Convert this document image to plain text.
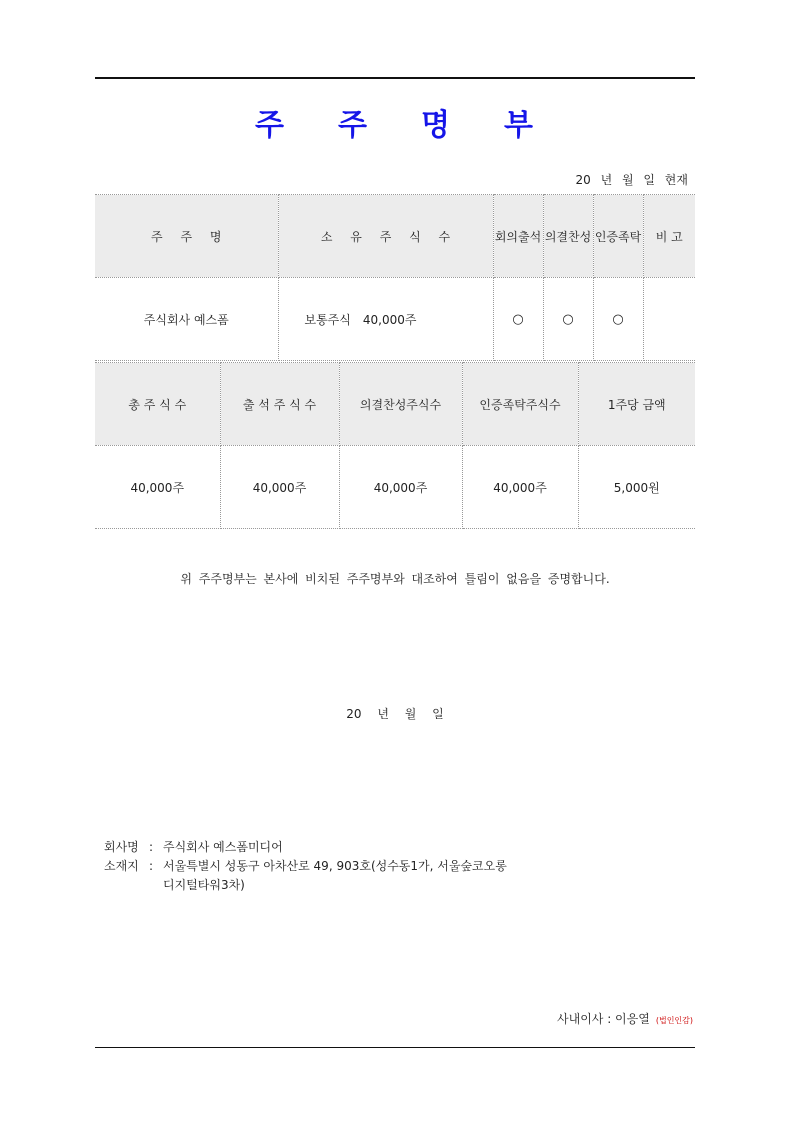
주 주 명 부
20 년 월 일 현재
주 주 명	소 유 주 식 수	회의출석	의결찬성	인증족탁	비 고
주식회사 예스폼	보통주식　40,000주	○	○	○	
총 주 식 수	출 석 주 식 수	의결찬성주식수	인증족탁주식수	1주당 금액
40,000주	40,000주	40,000주	40,000주	5,000원
위 주주명부는 본사에 비치된 주주명부와 대조하여 틀림이 없음을 증명합니다.
20 년 월 일
회사명 : 주식회사 예스폼미디어
소재지 : 서울특별시 성동구 아차산로 49, 903호(성수동1가, 서울숲코오롱
디지털타워3차)
사내이사 : 이응열 (법인인감)
